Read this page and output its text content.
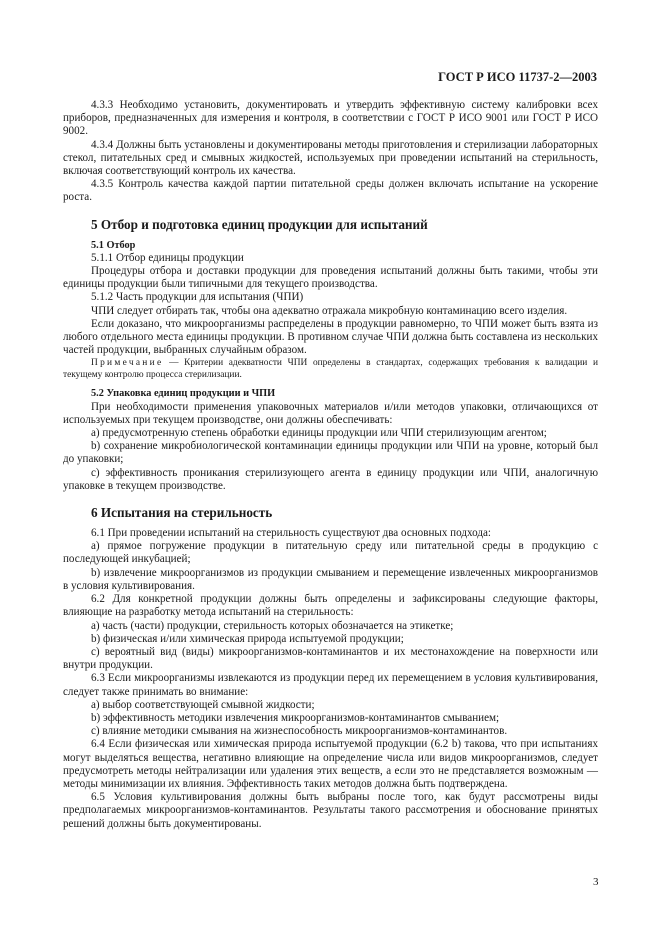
ГОСТ Р ИСО 11737-2—2003

4.3.3 Необходимо установить, документировать и утвердить эффективную систему калибровки всех приборов, предназначенных для измерения и контроля, в соответствии с ГОСТ Р ИСО 9001 или ГОСТ Р ИСО 9002.

4.3.4 Должны быть установлены и документированы методы приготовления и стерилизации лабораторных стекол, питательных сред и смывных жидкостей, используемых при проведении испытаний на стерильность, включая соответствующий контроль их качества.

4.3.5 Контроль качества каждой партии питательной среды должен включать испытание на ускорение роста.

5 Отбор и подготовка единиц продукции для испытаний
5.1 Отбор

5.1.1 Отбор единицы продукции

Процедуры отбора и доставки продукции для проведения испытаний должны быть такими, чтобы эти единицы продукции были типичными для текущего производства.

5.1.2 Часть продукции для испытания (ЧПИ)

ЧПИ следует отбирать так, чтобы она адекватно отражала микробную контаминацию всего изделия.

Если доказано, что микроорганизмы распределены в продукции равномерно, то ЧПИ может быть взята из любого отдельного места единицы продукции. В противном случае ЧПИ должна быть составлена из нескольких частей продукции, выбранных случайным образом.

Примечание — Критерии адекватности ЧПИ определены в стандартах, содержащих требования к валидации и текущему контролю процесса стерилизации.

5.2 Упаковка единиц продукции и ЧПИ

При необходимости применения упаковочных материалов и/или методов упаковки, отличающихся от используемых при текущем производстве, они должны обеспечивать:

а) предусмотренную степень обработки единицы продукции или ЧПИ стерилизующим агентом;

b) сохранение микробиологической контаминации единицы продукции или ЧПИ на уровне, который был до упаковки;

с) эффективность проникания стерилизующего агента в единицу продукции или ЧПИ, аналогичную упаковке в текущем производстве.

6 Испытания на стерильность

6.1 При проведении испытаний на стерильность существуют два основных подхода:

а) прямое погружение продукции в питательную среду или питательной среды в продукцию с последующей инкубацией;

b) извлечение микроорганизмов из продукции смыванием и перемещение извлеченных микроорганизмов в условия культивирования.

6.2 Для конкретной продукции должны быть определены и зафиксированы следующие факторы, влияющие на разработку метода испытаний на стерильность:

а) часть (части) продукции, стерильность которых обозначается на этикетке;

b) физическая и/или химическая природа испытуемой продукции;

с) вероятный вид (виды) микроорганизмов-контаминантов и их местонахождение на поверхности или внутри продукции.

6.3 Если микроорганизмы извлекаются из продукции перед их перемещением в условия культивирования, следует также принимать во внимание:

а) выбор соответствующей смывной жидкости;

b) эффективность методики извлечения микроорганизмов-контаминантов смыванием;

с) влияние методики смывания на жизнеспособность микроорганизмов-контаминантов.

6.4 Если физическая или химическая природа испытуемой продукции (6.2 b) такова, что при испытаниях могут выделяться вещества, негативно влияющие на определение числа или видов микроорганизмов, следует предусмотреть методы нейтрализации или удаления этих веществ, а если это не представляется возможным — методы минимизации их влияния. Эффективность таких методов должна быть подтверждена.

6.5 Условия культивирования должны быть выбраны после того, как будут рассмотрены виды предполагаемых микроорганизмов-контаминантов. Результаты такого рассмотрения и обоснование принятых решений должны быть документированы.

3
